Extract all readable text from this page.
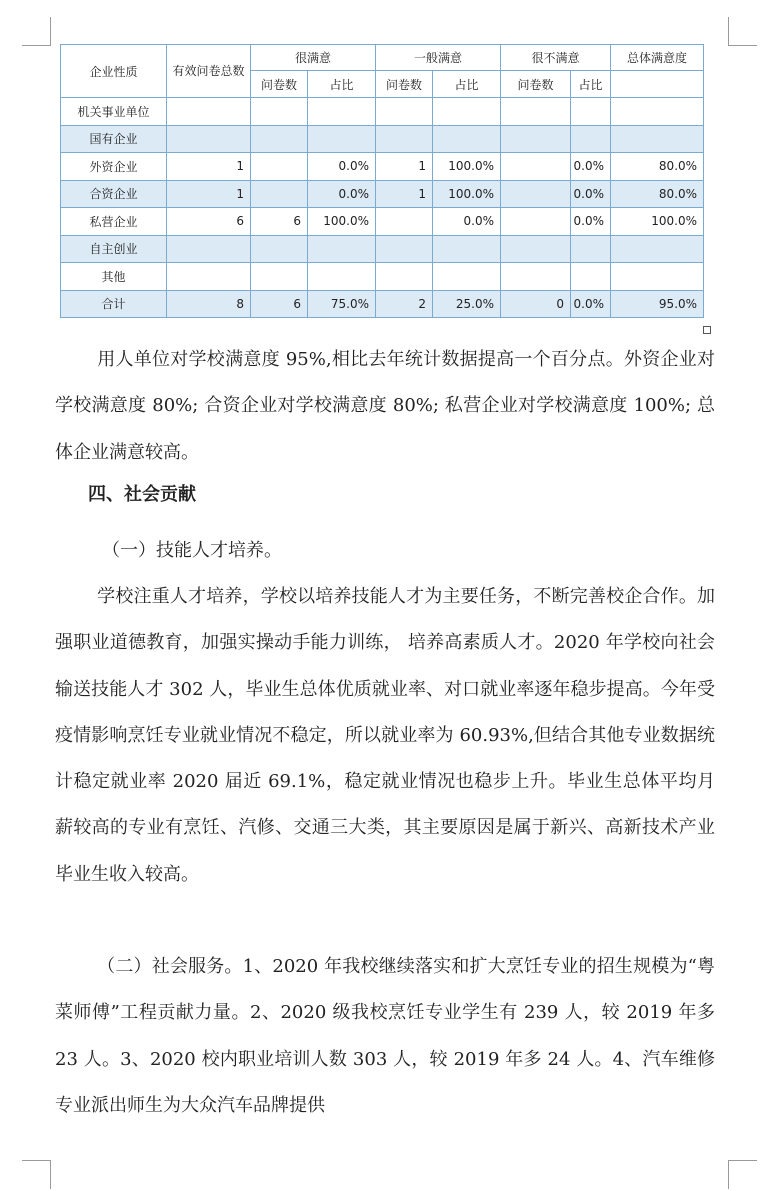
企业性质	有效问卷总数	很满意		一般满意		很不满意		总体满意度
		问卷数	占比	问卷数	占比	问卷数	占比	
机关事业单位								
国有企业								
外资企业	1		0.0%	1	100.0%		0.0%	80.0%
合资企业	1		0.0%	1	100.0%		0.0%	80.0%
私营企业	6	6	100.0%		0.0%		0.0%	100.0%
自主创业								
其他								
合计	8	6	75.0%	2	25.0%	0	0.0%	95.0%

用人单位对学校满意度 95%,相比去年统计数据提高一个百分点。外资企业对学校满意度 80%; 合资企业对学校满意度 80%; 私营企业对学校满意度 100%; 总体企业满意较高。

四、社会贡献

（一）技能人才培养。

学校注重人才培养，学校以培养技能人才为主要任务，不断完善校企合作。加强职业道德教育，加强实操动手能力训练， 培养高素质人才。2020 年学校向社会输送技能人才 302 人，毕业生总体优质就业率、对口就业率逐年稳步提高。今年受疫情影响烹饪专业就业情况不稳定，所以就业率为 60.93%,但结合其他专业数据统计稳定就业率 2020 届近 69.1%，稳定就业情况也稳步上升。毕业生总体平均月薪较高的专业有烹饪、汽修、交通三大类，其主要原因是属于新兴、高新技术产业毕业生收入较高。

（二）社会服务。1、2020 年我校继续落实和扩大烹饪专业的招生规模为“粤菜师傅”工程贡献力量。2、2020 级我校烹饪专业学生有 239 人，较 2019 年多 23 人。3、2020 校内职业培训人数 303 人，较 2019 年多 24 人。4、汽车维修专业派出师生为大众汽车品牌提供
